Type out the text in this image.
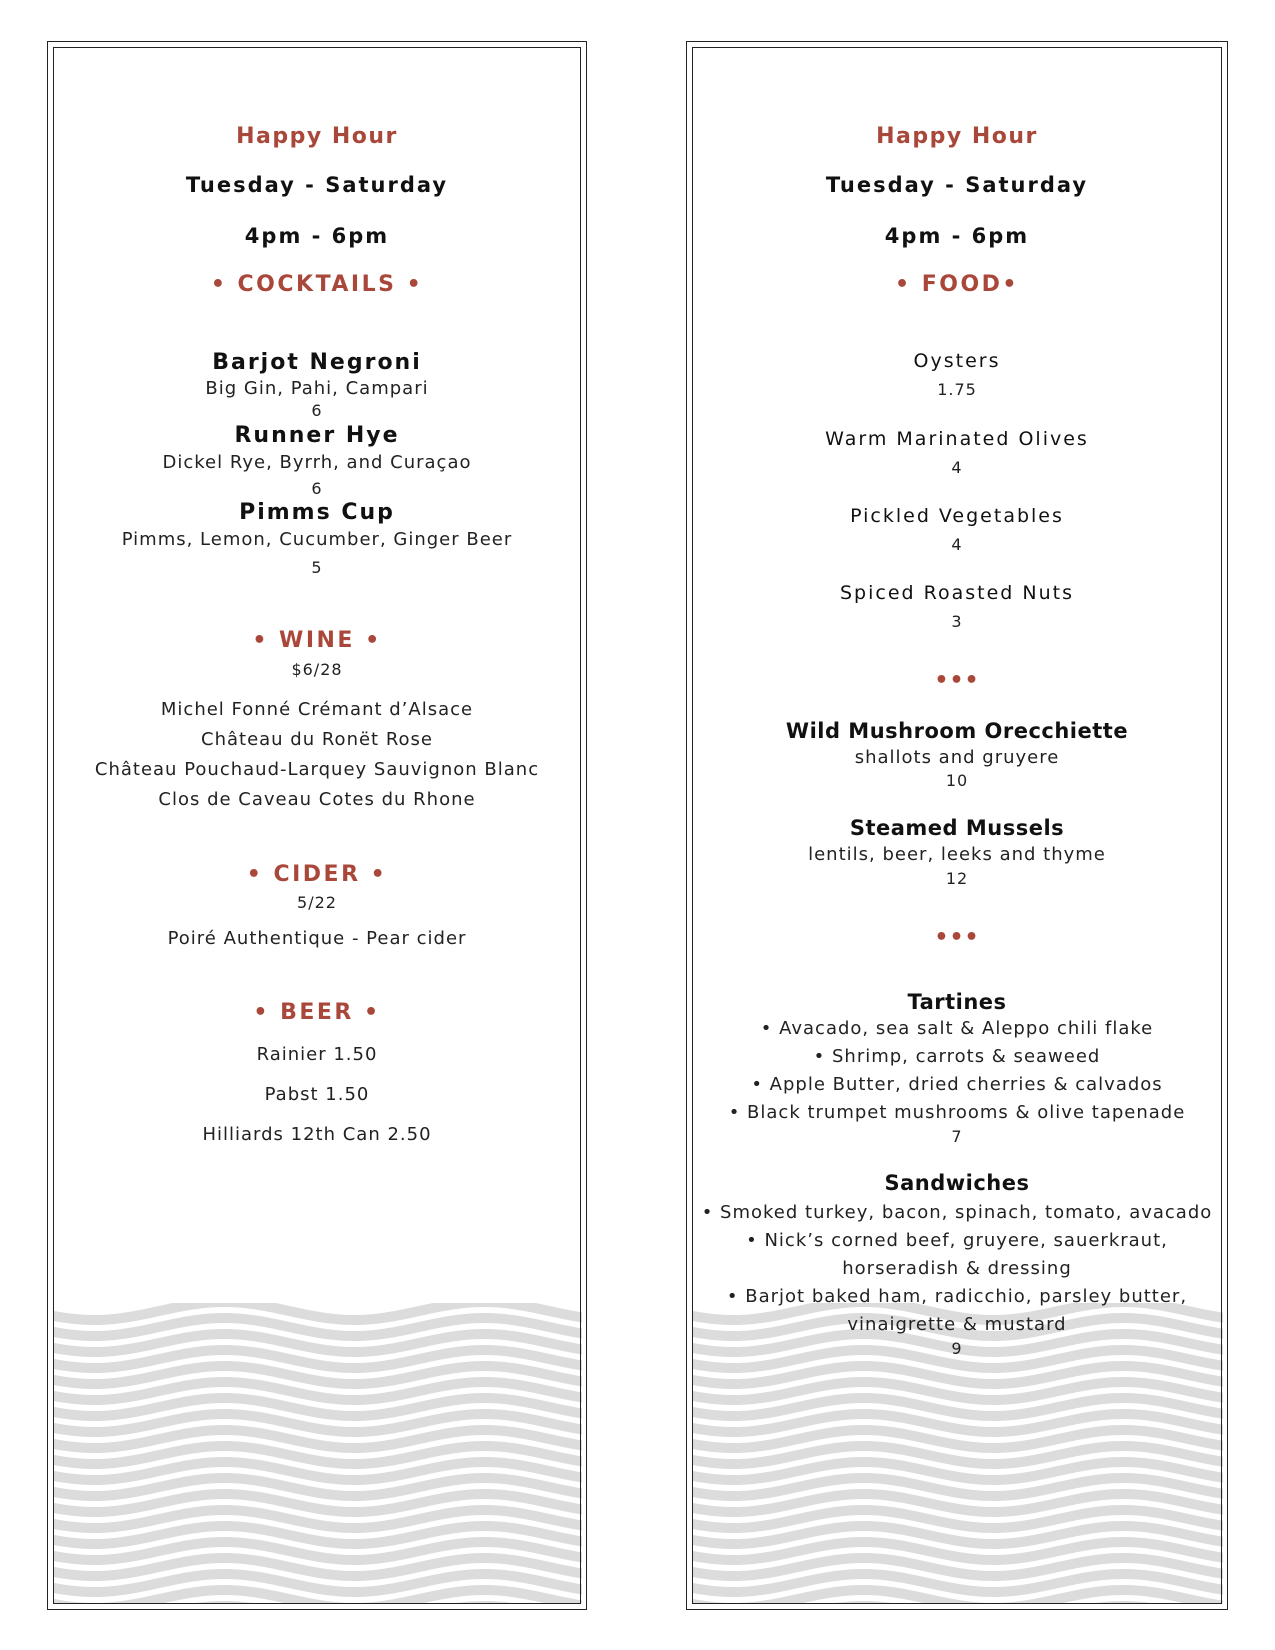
Happy Hour
Tuesday - Saturday
4pm - 6pm
• COCKTAILS •
Barjot Negroni
Big Gin, Pahi, Campari
6
Runner Hye
Dickel Rye, Byrrh, and Curaçao
6
Pimms Cup
Pimms, Lemon, Cucumber, Ginger Beer
5
• WINE •
$6/28
Michel Fonné Crémant d’Alsace
Château du Ronët Rose
Château Pouchaud-Larquey Sauvignon Blanc
Clos de Caveau Cotes du Rhone
• CIDER •
5/22
Poiré Authentique - Pear cider
• BEER •
Rainier 1.50
Pabst 1.50
Hilliards 12th Can 2.50
Happy Hour
Tuesday - Saturday
4pm - 6pm
• FOOD•
Oysters
1.75
Warm Marinated Olives
4
Pickled Vegetables
4
Spiced Roasted Nuts
3
•••
Wild Mushroom Orecchiette
shallots and gruyere
10
Steamed Mussels
lentils, beer, leeks and thyme
12
•••
Tartines
• Avacado, sea salt & Aleppo chili flake
• Shrimp, carrots & seaweed
• Apple Butter, dried cherries & calvados
• Black trumpet mushrooms & olive tapenade
7
Sandwiches
• Smoked turkey, bacon, spinach, tomato, avacado
• Nick’s corned beef, gruyere, sauerkraut,
horseradish & dressing
• Barjot baked ham, radicchio, parsley butter,
vinaigrette & mustard
9
